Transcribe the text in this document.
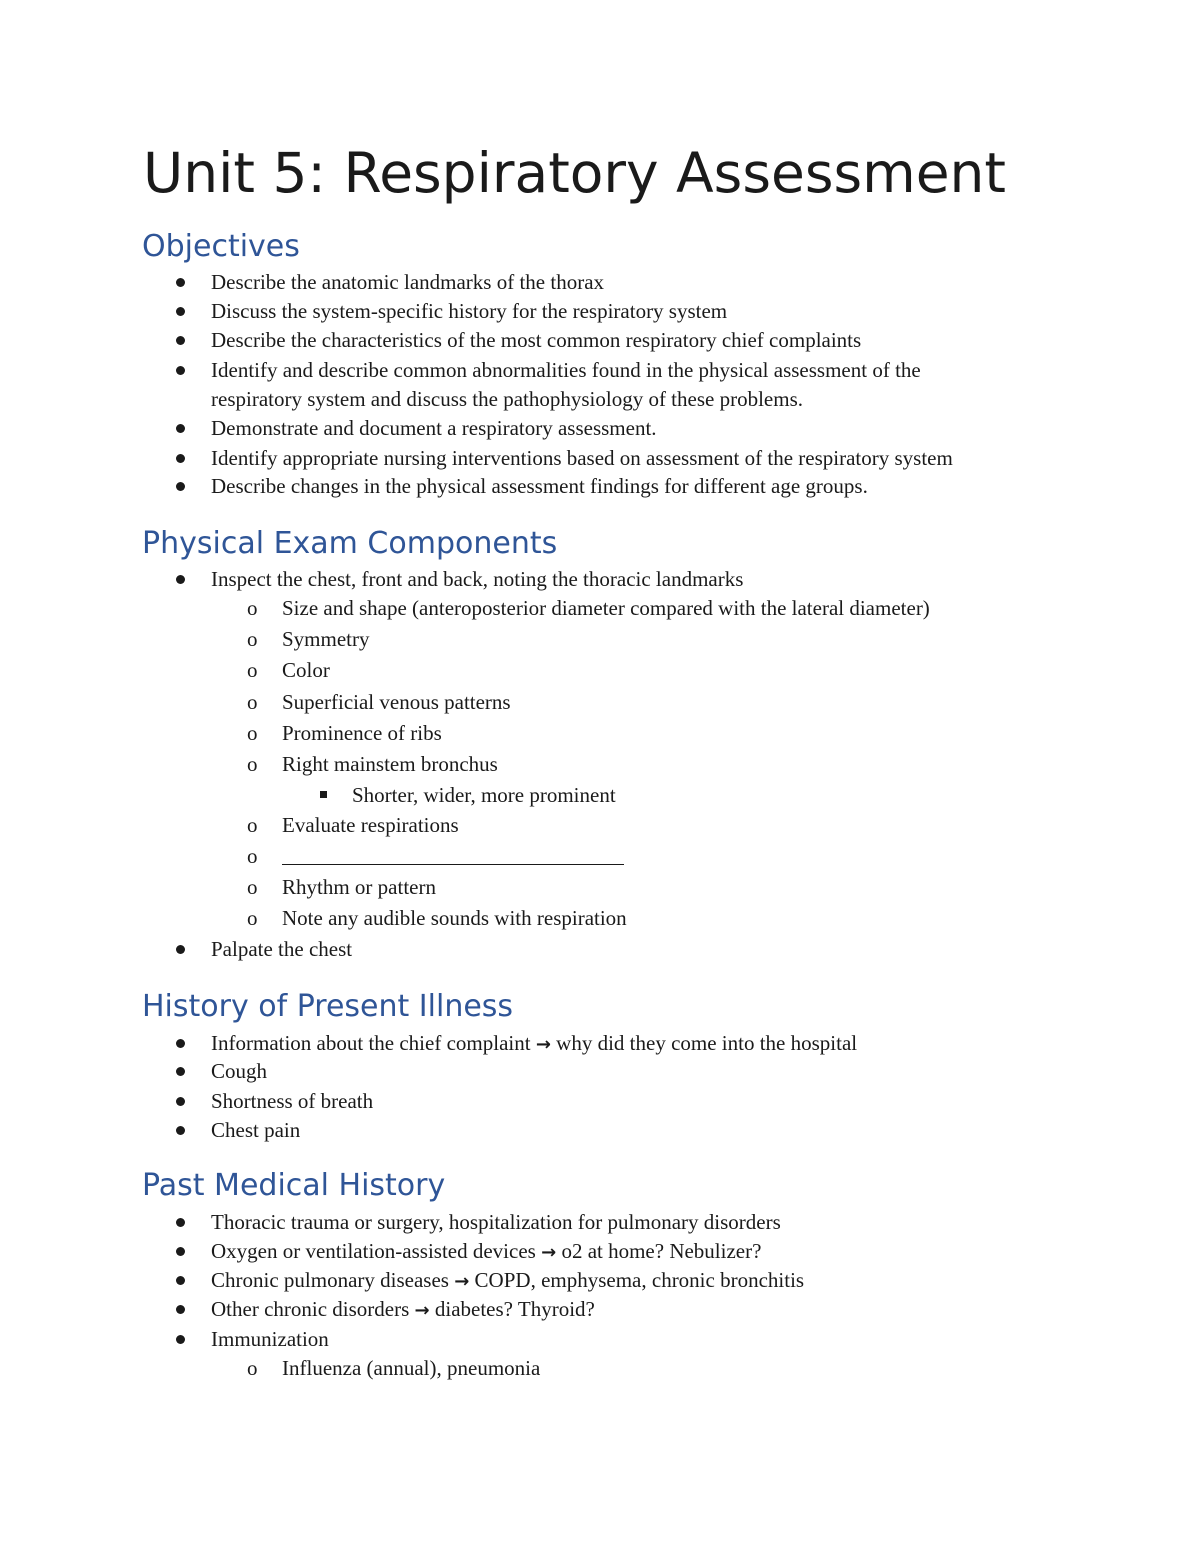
Unit 5: Respiratory Assessment
Objectives
Describe the anatomic landmarks of the thorax
Discuss the system-specific history for the respiratory system
Describe the characteristics of the most common respiratory chief complaints
Identify and describe common abnormalities found in the physical assessment of the
respiratory system and discuss the pathophysiology of these problems.
Demonstrate and document a respiratory assessment.
Identify appropriate nursing interventions based on assessment of the respiratory system
Describe changes in the physical assessment findings for different age groups.
Physical Exam Components
Inspect the chest, front and back, noting the thoracic landmarks
o Size and shape (anteroposterior diameter compared with the lateral diameter)
o Symmetry
o Color
o Superficial venous patterns
o Prominence of ribs
o Right mainstem bronchus
Shorter, wider, more prominent
o Evaluate respirations
o
o Rhythm or pattern
o Note any audible sounds with respiration
Palpate the chest
History of Present Illness
Information about the chief complaint → why did they come into the hospital
Cough
Shortness of breath
Chest pain
Past Medical History
Thoracic trauma or surgery, hospitalization for pulmonary disorders
Oxygen or ventilation-assisted devices → o2 at home? Nebulizer?
Chronic pulmonary diseases → COPD, emphysema, chronic bronchitis
Other chronic disorders → diabetes? Thyroid?
Immunization
o Influenza (annual), pneumonia
